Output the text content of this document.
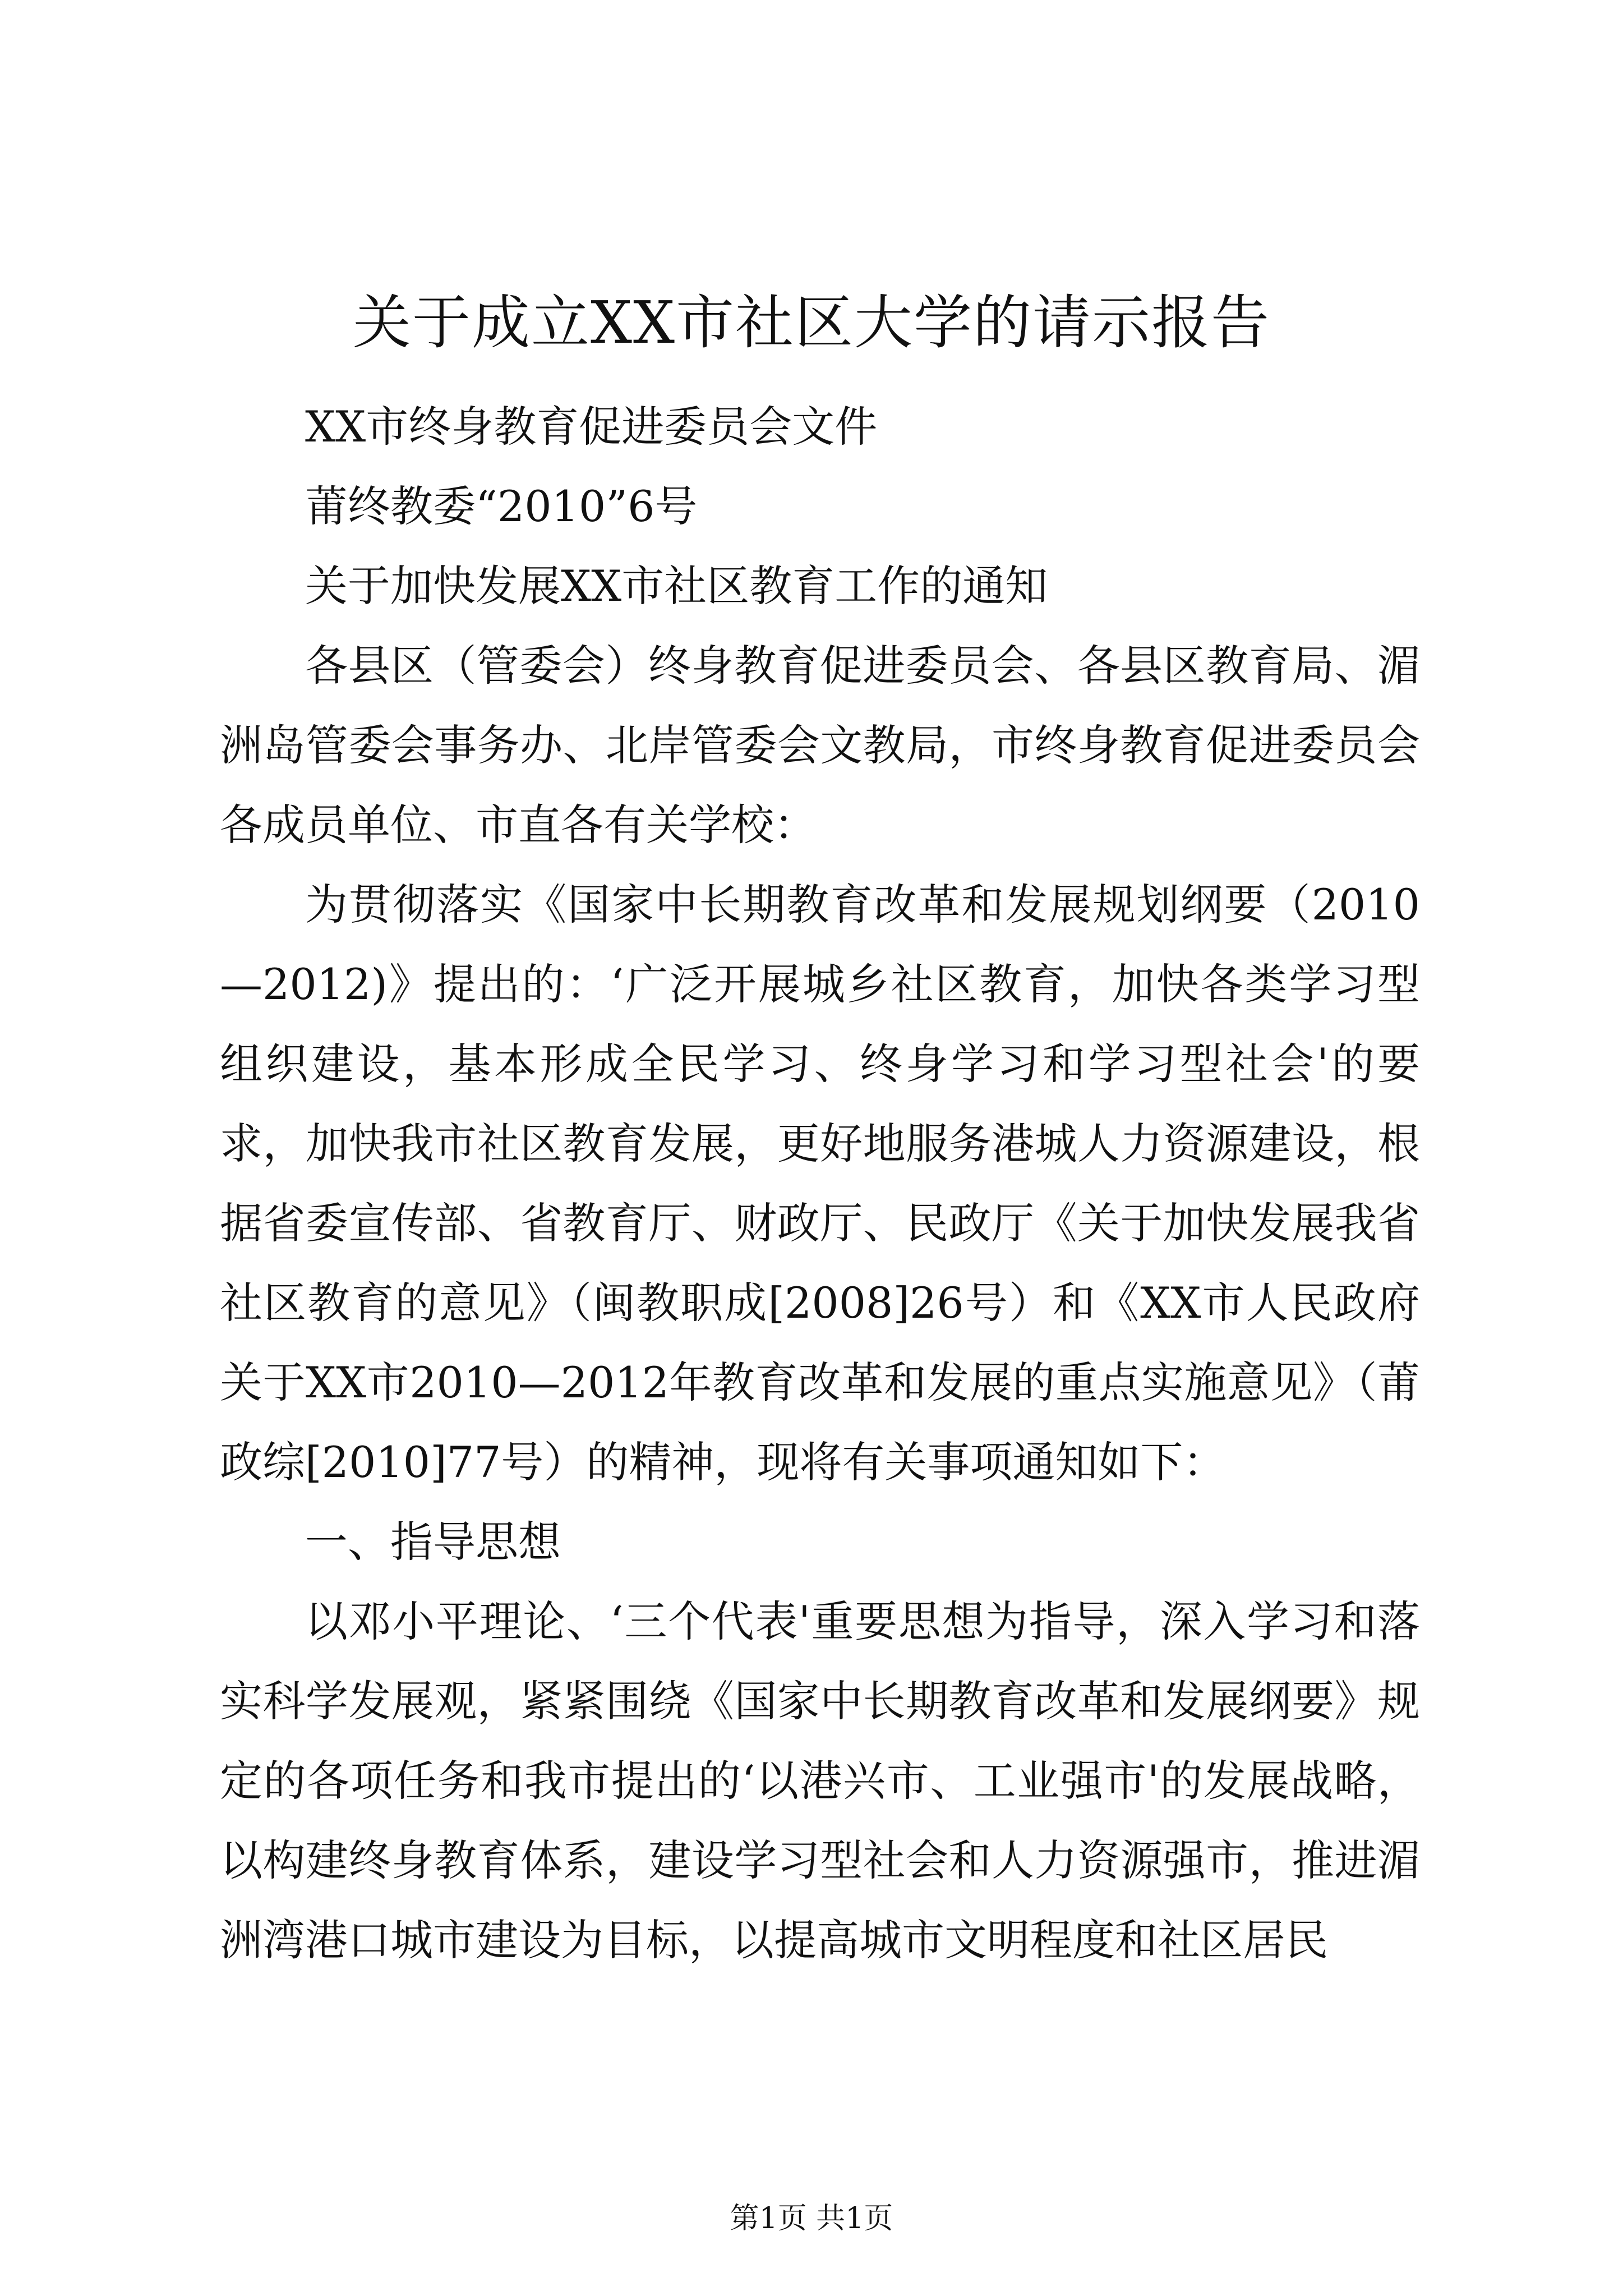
关于成立XX市社区大学的请示报告

XX市终身教育促进委员会文件

莆终教委“2010”6号

关于加快发展XX市社区教育工作的通知

各县区（管委会）终身教育促进委员会、各县区教育局、湄洲岛管委会事务办、北岸管委会文教局，市终身教育促进委员会各成员单位、市直各有关学校：

为贯彻落实《国家中长期教育改革和发展规划纲要（2010—2012)》提出的：‘广泛开展城乡社区教育，加快各类学习型组织建设，基本形成全民学习、终身学习和学习型社会'的要求，加快我市社区教育发展，更好地服务港城人力资源建设，根据省委宣传部、省教育厅、财政厅、民政厅《关于加快发展我省社区教育的意见》（闽教职成[2008]26号）和《XX市人民政府关于XX市2010—2012年教育改革和发展的重点实施意见》（莆政综[2010]77号）的精神，现将有关事项通知如下：

一、指导思想

以邓小平理论、‘三个代表'重要思想为指导，深入学习和落实科学发展观，紧紧围绕《国家中长期教育改革和发展纲要》规定的各项任务和我市提出的‘以港兴市、工业强市'的发展战略，以构建终身教育体系，建设学习型社会和人力资源强市，推进湄洲湾港口城市建设为目标，以提高城市文明程度和社区居民

第1页 共1页
